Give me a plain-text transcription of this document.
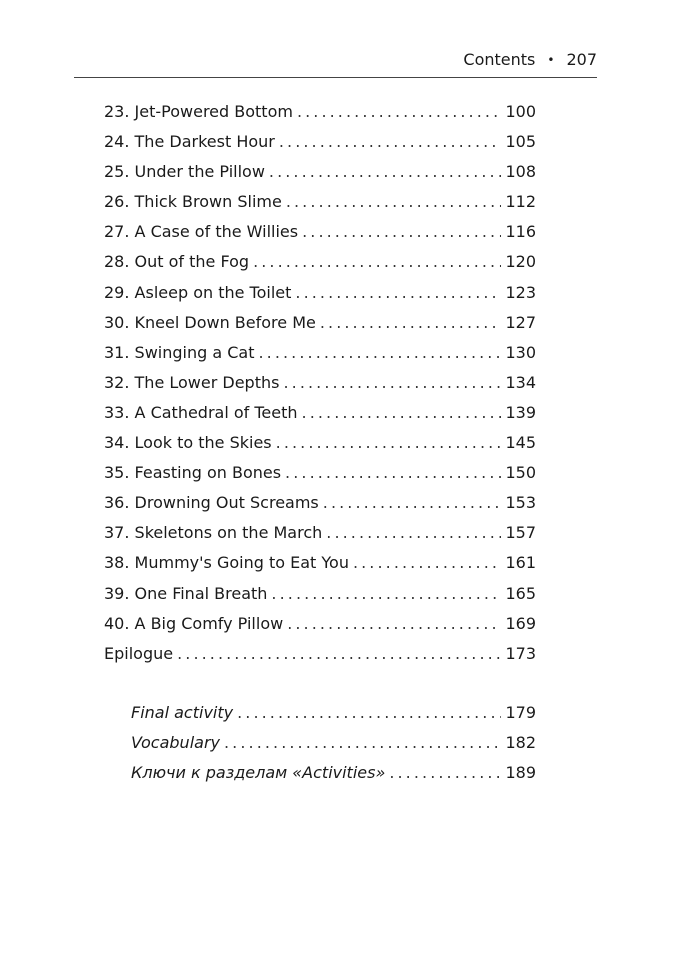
Contents • 207
23. Jet-Powered Bottom . . .	100
24. The Darkest Hour . . .	105
25. Under the Pillow . . .	108
26. Thick Brown Slime . . .	112
27. A Case of the Willies . . .	116
28. Out of the Fog . . .	120
29. Asleep on the Toilet . . .	123
30. Kneel Down Before Me . . .	127
31. Swinging a Cat . . .	130
32. The Lower Depths . . .	134
33. A Cathedral of Teeth . . .	139
34. Look to the Skies . . .	145
35. Feasting on Bones . . .	150
36. Drowning Out Screams . . .	153
37. Skeletons on the March . . .	157
38. Mummy's Going to Eat You . . .	161
39. One Final Breath . . .	165
40. A Big Comfy Pillow . . .	169
Epilogue . . .	173
Final activity . . .	179
Vocabulary . . .	182
Ключи к разделам «Activities» . . .	189
